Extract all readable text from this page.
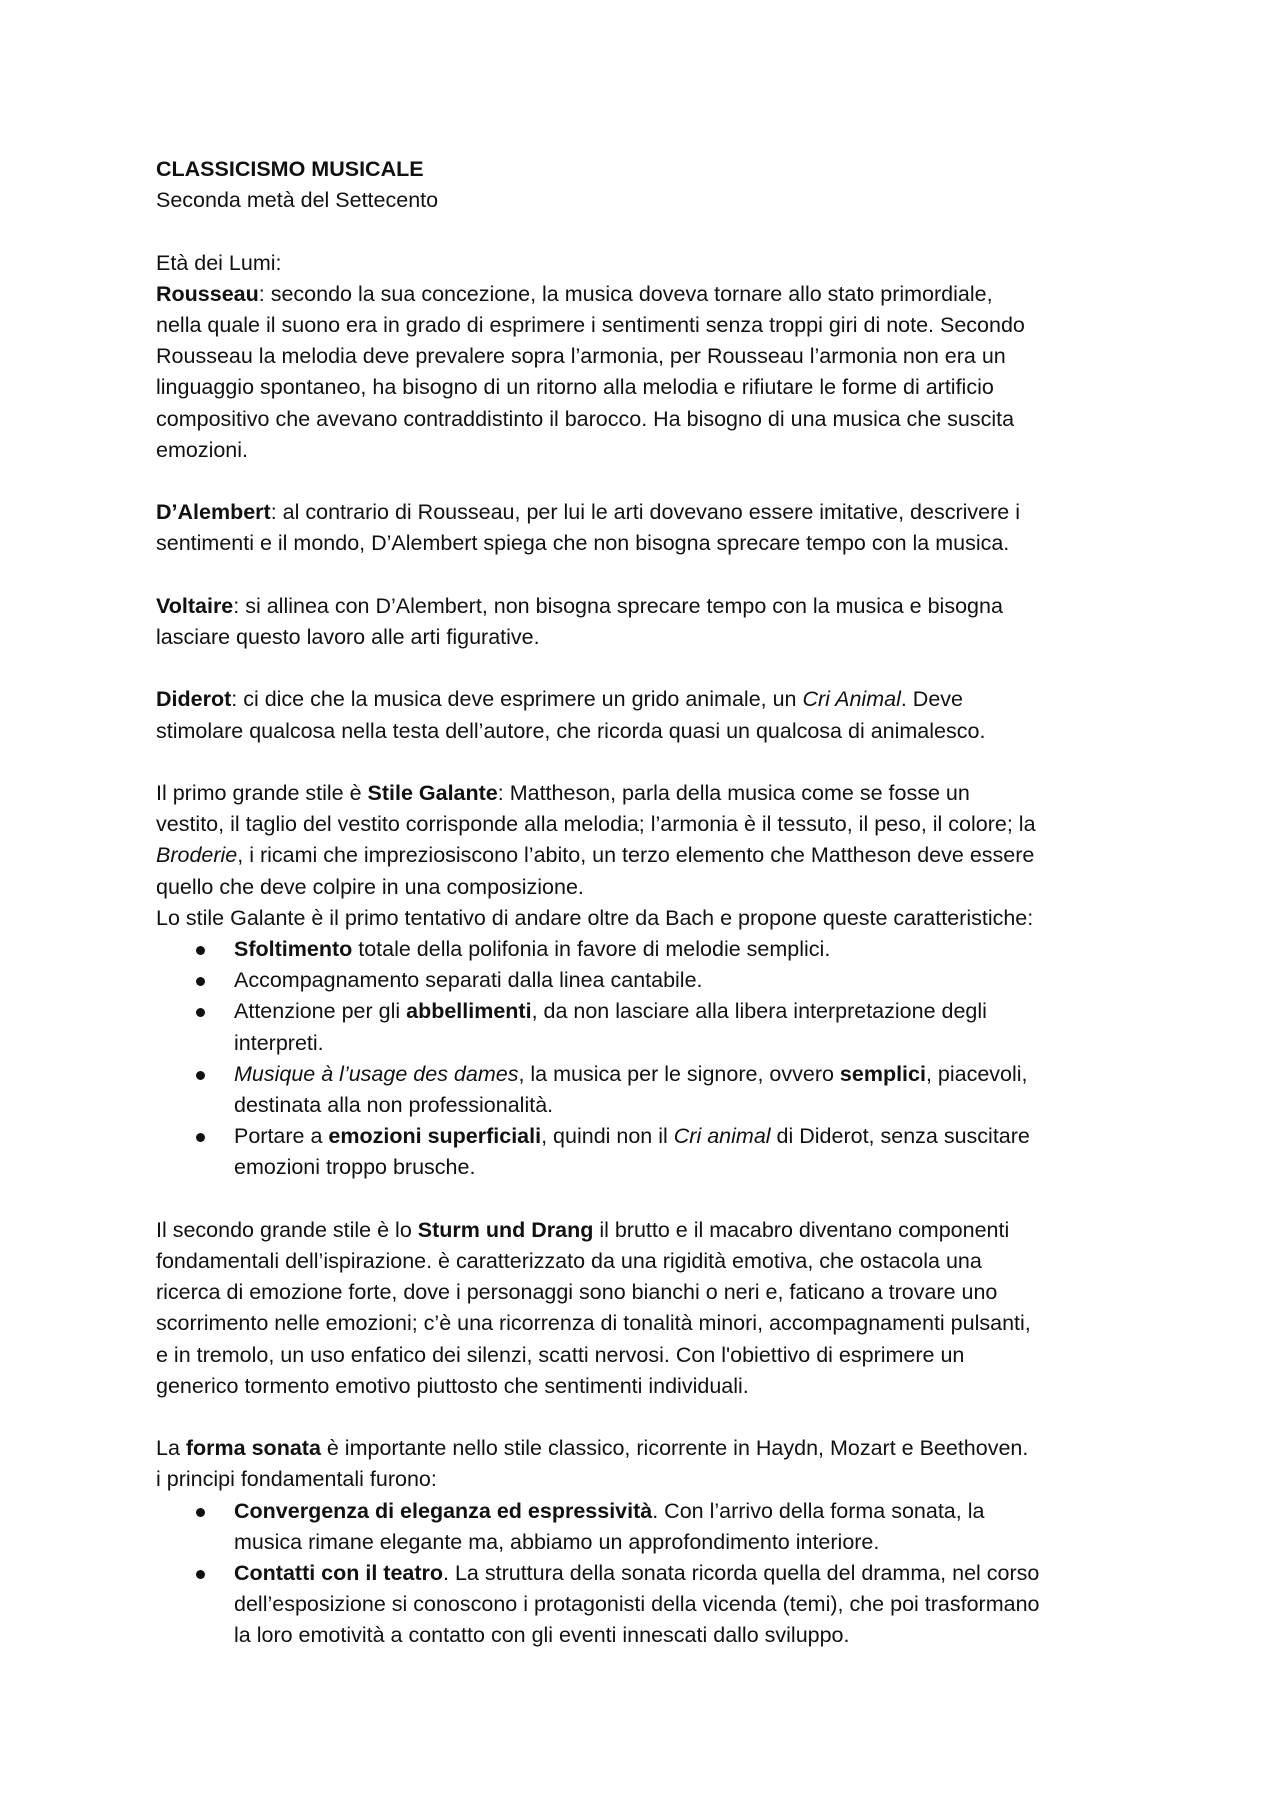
CLASSICISMO MUSICALE
Seconda metà del Settecento
Età dei Lumi:
Rousseau: secondo la sua concezione, la musica doveva tornare allo stato primordiale,
nella quale il suono era in grado di esprimere i sentimenti senza troppi giri di note. Secondo
Rousseau la melodia deve prevalere sopra l’armonia, per Rousseau l’armonia non era un
linguaggio spontaneo, ha bisogno di un ritorno alla melodia e rifiutare le forme di artificio
compositivo che avevano contraddistinto il barocco. Ha bisogno di una musica che suscita
emozioni.
D’Alembert: al contrario di Rousseau, per lui le arti dovevano essere imitative, descrivere i
sentimenti e il mondo, D’Alembert spiega che non bisogna sprecare tempo con la musica.
Voltaire: si allinea con D’Alembert, non bisogna sprecare tempo con la musica e bisogna
lasciare questo lavoro alle arti figurative.
Diderot: ci dice che la musica deve esprimere un grido animale, un Cri Animal. Deve
stimolare qualcosa nella testa dell’autore, che ricorda quasi un qualcosa di animalesco.
Il primo grande stile è Stile Galante: Mattheson, parla della musica come se fosse un
vestito, il taglio del vestito corrisponde alla melodia; l’armonia è il tessuto, il peso, il colore; la
Broderie, i ricami che impreziosiscono l’abito, un terzo elemento che Mattheson deve essere
quello che deve colpire in una composizione.
Lo stile Galante è il primo tentativo di andare oltre da Bach e propone queste caratteristiche:
Sfoltimento totale della polifonia in favore di melodie semplici.
Accompagnamento separati dalla linea cantabile.
Attenzione per gli abbellimenti, da non lasciare alla libera interpretazione degli
interpreti.
Musique à l’usage des dames, la musica per le signore, ovvero semplici, piacevoli,
destinata alla non professionalità.
Portare a emozioni superficiali, quindi non il Cri animal di Diderot, senza suscitare
emozioni troppo brusche.
Il secondo grande stile è lo Sturm und Drang il brutto e il macabro diventano componenti
fondamentali dell’ispirazione. è caratterizzato da una rigidità emotiva, che ostacola una
ricerca di emozione forte, dove i personaggi sono bianchi o neri e, faticano a trovare uno
scorrimento nelle emozioni; c’è una ricorrenza di tonalità minori, accompagnamenti pulsanti,
e in tremolo, un uso enfatico dei silenzi, scatti nervosi. Con l'obiettivo di esprimere un
generico tormento emotivo piuttosto che sentimenti individuali.
La forma sonata è importante nello stile classico, ricorrente in Haydn, Mozart e Beethoven.
i principi fondamentali furono:
Convergenza di eleganza ed espressività. Con l’arrivo della forma sonata, la
musica rimane elegante ma, abbiamo un approfondimento interiore.
Contatti con il teatro. La struttura della sonata ricorda quella del dramma, nel corso
dell’esposizione si conoscono i protagonisti della vicenda (temi), che poi trasformano
la loro emotività a contatto con gli eventi innescati dallo sviluppo.
